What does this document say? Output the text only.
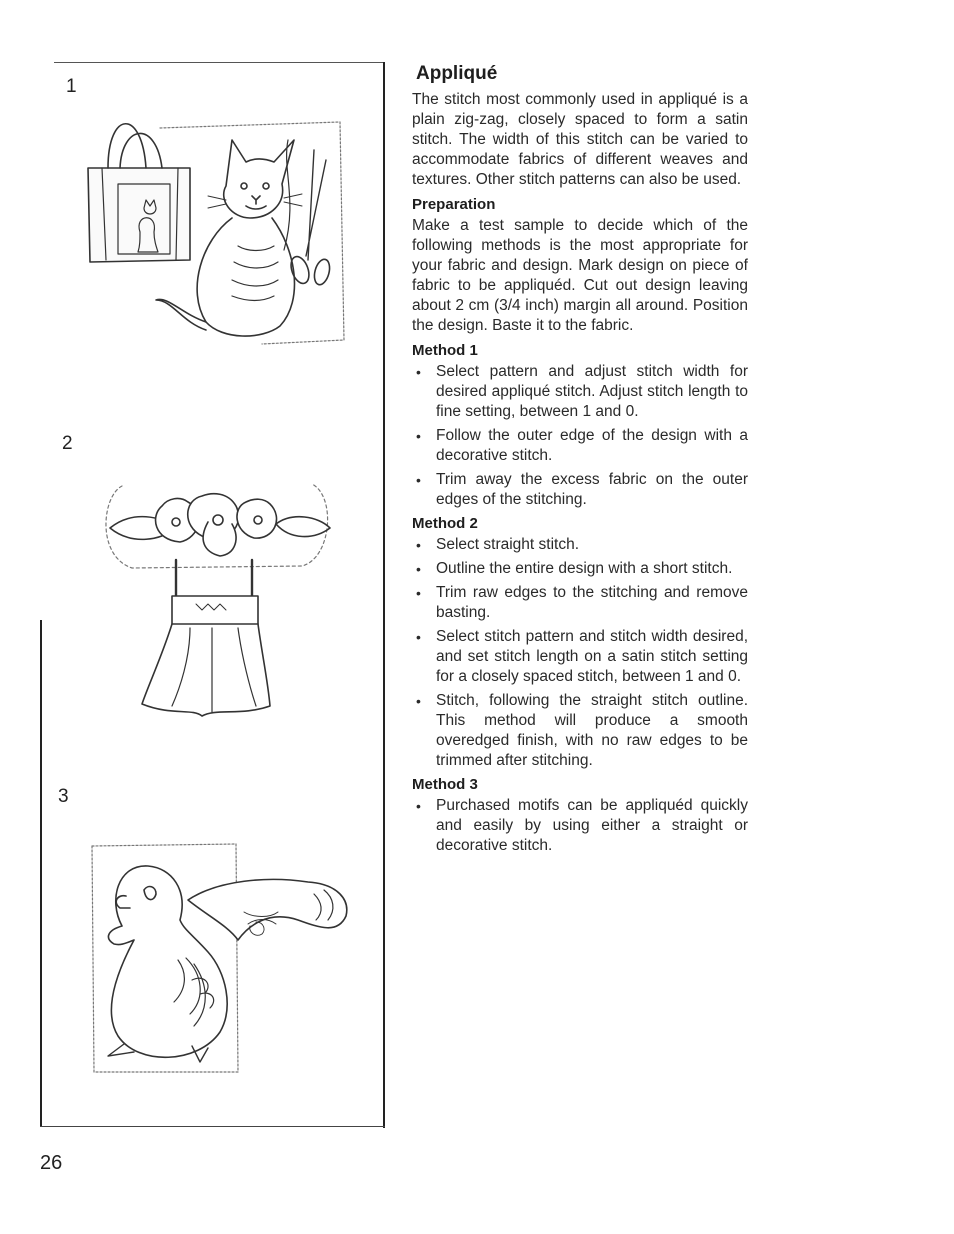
1
2
3
26
Appliqué

The stitch most commonly used in appliqué is a plain zig-zag, closely spaced to form a satin stitch. The width of this stitch can be varied to accommodate fabrics of different weaves and textures. Other stitch patterns can also be used.

Preparation

Make a test sample to decide which of the following methods is the most appropriate for your fabric and design. Mark design on piece of fabric to be appliquéd. Cut out design leaving about 2 cm (3/4 inch) margin all around. Position the design. Baste it to the fabric.

Method 1
• Select pattern and adjust stitch width for desired appliqué stitch. Adjust stitch length to fine setting, between 1 and 0.
• Follow the outer edge of the design with a decorative stitch.
• Trim away the excess fabric on the outer edges of the stitching.
Method 2
• Select straight stitch.
• Outline the entire design with a short stitch.
• Trim raw edges to the stitching and remove basting.
• Select stitch pattern and stitch width desired, and set stitch length on a satin stitch setting for a closely spaced stitch, between 1 and 0.
• Stitch, following the straight stitch outline. This method will produce a smooth overedged finish, with no raw edges to be trimmed after stitching.
Method 3
• Purchased motifs can be appliquéd quickly and easily by using either a straight or decorative stitch.
